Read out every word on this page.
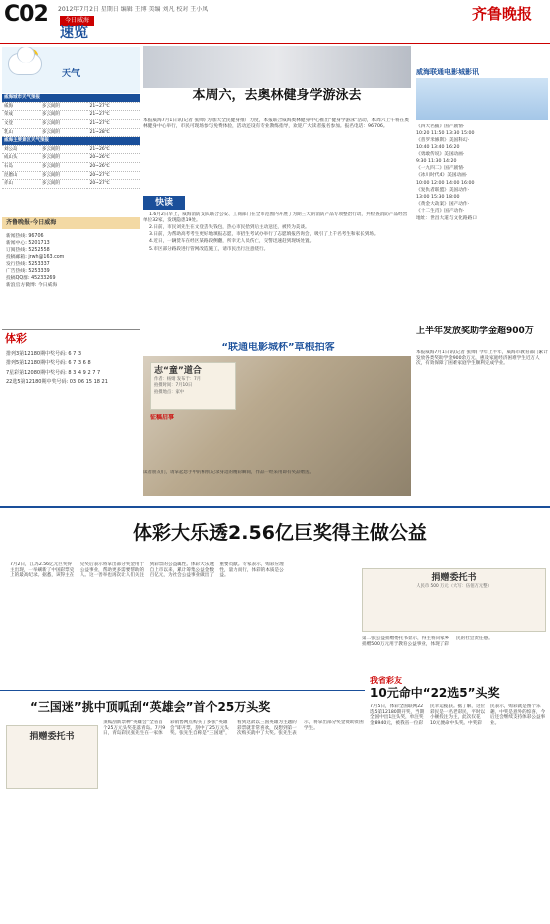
C02 2012年7月2日 星期日 编辑 王博 美编 刘凡 校对 王小凤
今日威海
速览
齐鲁晚报
天气
威海城市天气预报		
威海	多云间阴	21~27℃
荣成	多云间阴	21~27℃
文登	多云间阴	21~27℃
乳山	多云间阴	21~28℃
威海主要景区天气预报		
刘公岛	多云间阴	21~26℃
成山头	多云间阴	20~26℃
石岛	多云间阴	20~26℃
昆嵛山	多云间阴	20~27℃
赤山	多云间阴	20~27℃
齐鲁晚报·今日威海
新闻热线: 96706
新闻中心: 5201713
订阅热线: 5252558
投稿邮箱: jrwh@163.com
发行热线: 5253337
广告热线: 5253339
投稿QQ群: 45233269
新浪官方微博: 今日威海
体彩

排列3第12180期中奖号码: 6 7 3

排列5第12180期中奖号码: 6 7 3 6 8

7星彩第12080期中奖号码: 8 3 4 9 2 7 7

22选5第12180期中奖号码: 03 06 15 18 21

本周六，去奥林健身学游泳去
本报威海7月1日讯(记者 张帅) 为加大全民健身推广力度，本报联合威海奥林健身中心推出“健身学游泳”活动，本周六上午将在奥林健身中心举行，市民可现场参与免费体验，活动还设有专业教练指导，欢迎广大读者报名参加。报名电话：96706。
快读

1.6月2日早上，威海消防支队联合公安、工商部门在全市范围内开展了为期三天的消防产品专项整治行动，共检查消防产品经营单位32家，发现隐患19处。

2.日前，市民刘先生在文登丢失钱包，热心市民拾到后主动送还，被传为美谈。

3.日前，为帮助高考考生更好地填报志愿，市招生考试办举行了志愿填报咨询会，吸引了上千名考生和家长到场。

4.近日，一辆货车在经区某路段侧翻，所幸无人员伤亡，交警迅速赶到现场处置。

5.市区部分路段进行管网改造施工，请市民出行注意绕行。

“联通电影城杯”草根拍客
志“童”道合
作者：杨婧 发布于：7月
拍摄时间：7月10日
拍摄地点：家中
征稿启事
读者朋友们，请拿起您手中的相机记录身边的精彩瞬间，作品一经采用即有奖品赠送。
威海联通电影城影讯

《四大名捕》国产剧情·

10:20 11:50 13:30 15:00

《普罗米修斯》美国科幻·

10:40 13:40 16:20

《勇敢传说》美国动画·

9:30 11:30 14:20

《一九四二》国产剧情·

《冰川时代4》美国动画·

10:00 12:00 14:00 16:00

《复仇者联盟》美国动作·

13:00 15:30 18:00

《黄金大劫案》国产动作·

《十二生肖》国产动作·

地址：世昌大道与文化路路口

上半年发放奖助学金超900万
本报威海7月1日讯(记者 张帅) 今年上半年，威海市教育部门累计发放各类奖助学金900余万元，惠及家庭经济困难学生近万人次，有效保障了困难家庭学生顺利完成学业。
体彩大乐透2.56亿巨奖得主做公益
7月2日，江苏2.56亿元巨奖得主出现，一举刷新了中国彩票史上的最高纪录。据悉，该得主在兑奖后表示将拿出部分奖金用于公益事业，帮助更多需要帮助的人。这一善举也再次让人们关注到彩票的公益属性。体彩大乐透自上市以来，累计筹集公益金数百亿元，为社会公益事业做出了重要贡献。专家表示，购彩应理性，量力而行，体彩的本质是公益。	捐赠委托书
人民币 500 万元（大写：伍佰万元整）
第二张公益捐赠委托书显示，得主将向家乡捐赠500万元用于教育公益事业，体现了彩民的社会责任感。
“三国迷”挑中顶呱刮“英雄会”首个25万头奖
捐赠委托书
顶呱刮新票种“英雄会”全省首个25万元头奖花落青岛。7月9日，青岛彩民张先生在一家体彩销售网点购买了多张“英雄会”即开票，刮中了25万元头奖。张先生自称是“三国迷”，看到这款以三国英雄为主题的彩票就非常喜欢，没想到第一次购买就中了大奖。张先生表示，将拿出部分奖金资助贫困学生。
我省彩友
10元命中“22选5”头奖
7月5日，体彩全国联网22选5第12180期开奖，当期全国中出1注头奖，单注奖金8940元，被我省一位彩民幸运揽获。据了解，这位彩民是一名老彩民，平时以小额投注为主，此次仅花10元便命中头奖。中奖彩民表示，购彩就是图个乐趣，中奖是意外的惊喜，今后还会继续支持体彩公益事业。
